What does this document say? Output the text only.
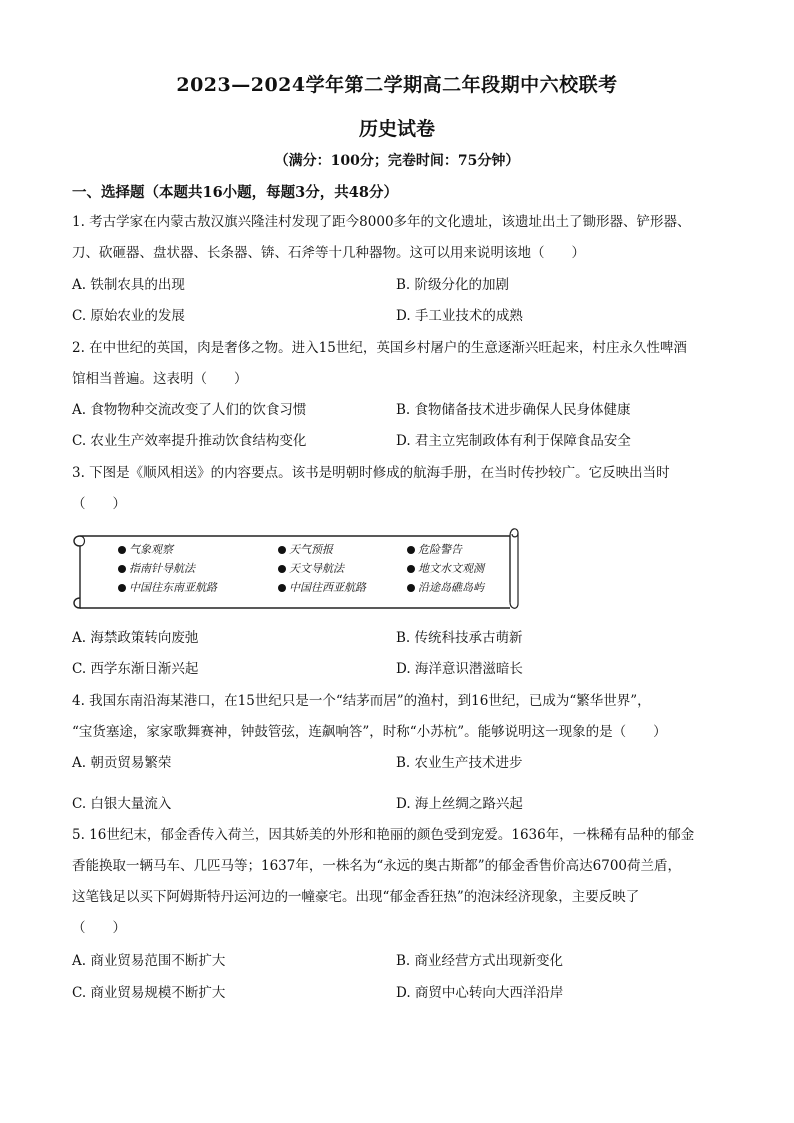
2023—2024学年第二学期高二年段期中六校联考
历史试卷
（满分：100分；完卷时间：75分钟）
一、选择题（本题共16小题，每题3分，共48分）
1. 考古学家在内蒙古敖汉旗兴隆洼村发现了距今8000多年的文化遗址，该遗址出土了锄形器、铲形器、
刀、砍砸器、盘状器、长条器、锛、石斧等十几种器物。这可以用来说明该地（　　）
A. 铁制农具的出现	B. 阶级分化的加剧
C. 原始农业的发展	D. 手工业技术的成熟
2. 在中世纪的英国，肉是奢侈之物。进入15世纪，英国乡村屠户的生意逐渐兴旺起来，村庄永久性啤酒
馆相当普遍。这表明（　　）
A. 食物物种交流改变了人们的饮食习惯	B. 食物储备技术进步确保人民身体健康
C. 农业生产效率提升推动饮食结构变化	D. 君主立宪制政体有利于保障食品安全
3. 下图是《顺风相送》的内容要点。该书是明朝时修成的航海手册，在当时传抄较广。它反映出当时
（　　）
气象观察	天气预报	危险警告
指南针导航法	天文导航法	地文水文观测
中国往东南亚航路	中国往西亚航路	沿途岛礁岛屿
A. 海禁政策转向废弛	B. 传统科技承古萌新
C. 西学东渐日渐兴起	D. 海洋意识潜滋暗长
4. 我国东南沿海某港口，在15世纪只是一个“结茅而居”的渔村，到16世纪，已成为“繁华世界”，
“宝货塞途，家家歌舞赛神，钟鼓管弦，连飙响答”，时称“小苏杭”。能够说明这一现象的是（　　）
A. 朝贡贸易繁荣	B. 农业生产技术进步
C. 白银大量流入	D. 海上丝绸之路兴起
5. 16世纪末，郁金香传入荷兰，因其娇美的外形和艳丽的颜色受到宠爱。1636年，一株稀有品种的郁金
香能换取一辆马车、几匹马等；1637年，一株名为“永远的奥古斯都”的郁金香售价高达6700荷兰盾，
这笔钱足以买下阿姆斯特丹运河边的一幢豪宅。出现“郁金香狂热”的泡沫经济现象，主要反映了
（　　）
A. 商业贸易范围不断扩大	B. 商业经营方式出现新变化
C. 商业贸易规模不断扩大	D. 商贸中心转向大西洋沿岸
